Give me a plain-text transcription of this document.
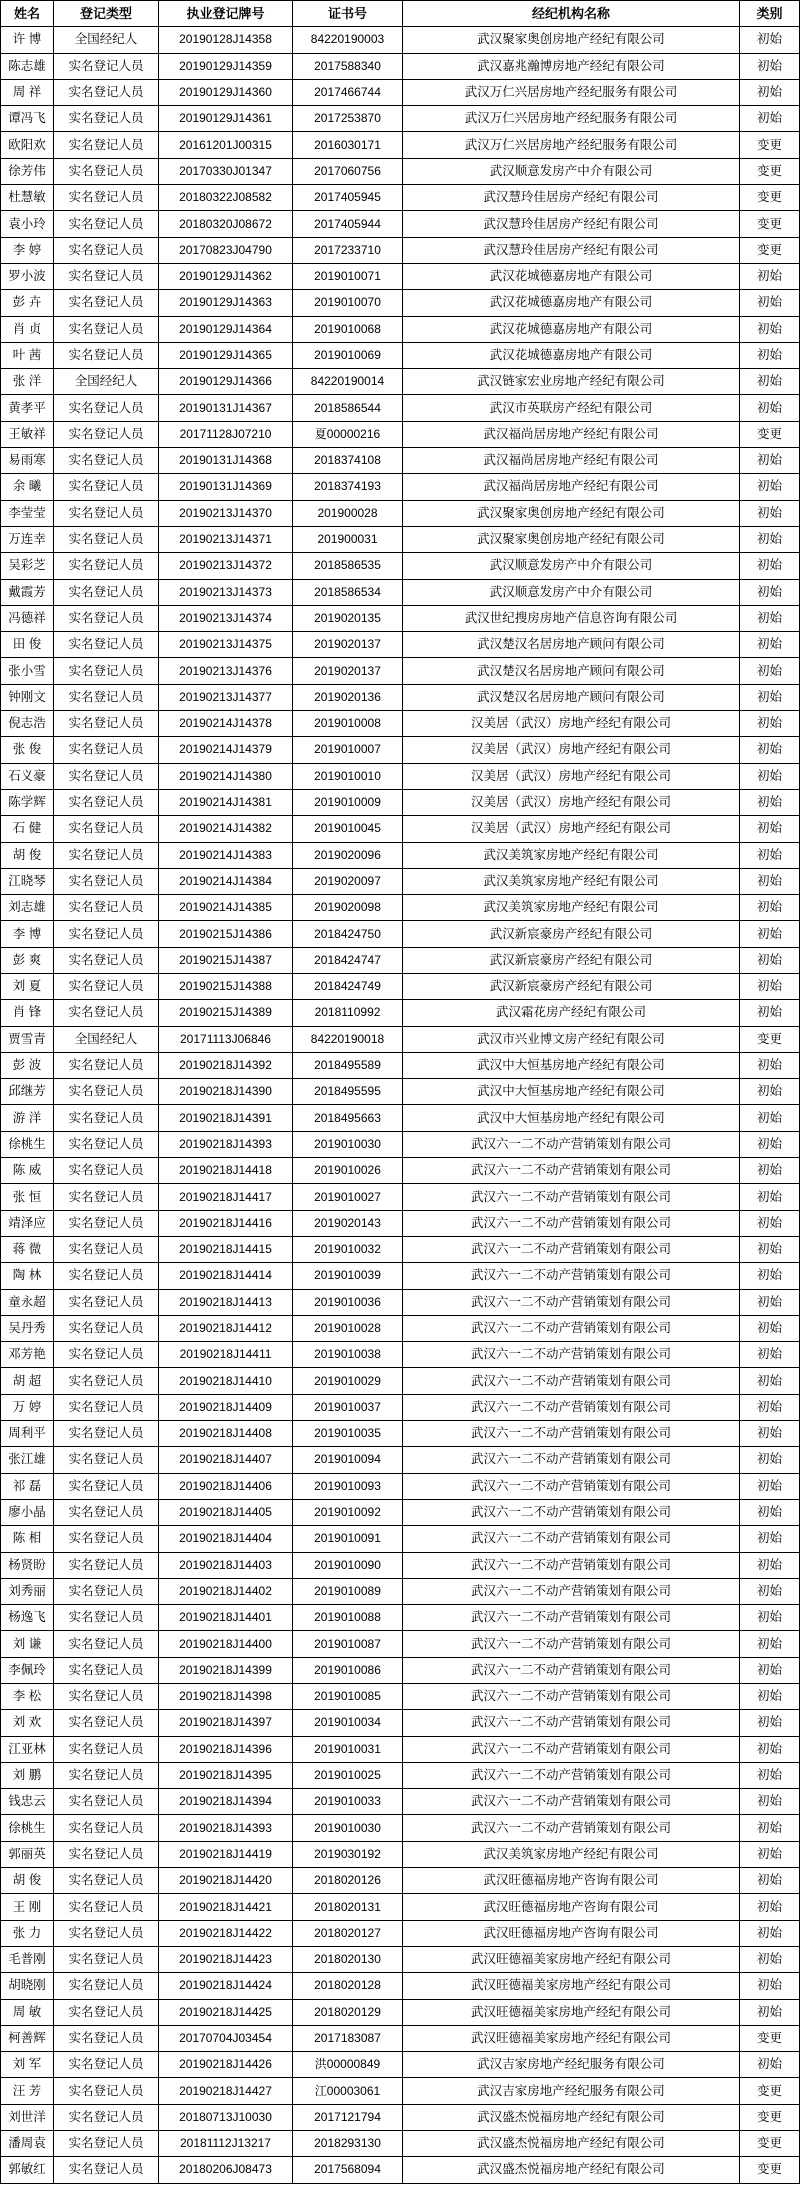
姓名	登记类型	执业登记牌号	证书号	经纪机构名称	类别
许 博	全国经纪人	20190128J14358	84220190003	武汉聚家奥创房地产经纪有限公司	初始
陈志雄	实名登记人员	20190129J14359	2017588340	武汉嘉兆瀚博房地产经纪有限公司	初始
周 祥	实名登记人员	20190129J14360	2017466744	武汉万仁兴居房地产经纪服务有限公司	初始
谭冯飞	实名登记人员	20190129J14361	2017253870	武汉万仁兴居房地产经纪服务有限公司	初始
欧阳欢	实名登记人员	20161201J00315	2016030171	武汉万仁兴居房地产经纪服务有限公司	变更
徐芳伟	实名登记人员	20170330J01347	2017060756	武汉顺意发房产中介有限公司	变更
杜慧敏	实名登记人员	20180322J08582	2017405945	武汉慧玲佳居房产经纪有限公司	变更
袁小玲	实名登记人员	20180320J08672	2017405944	武汉慧玲佳居房产经纪有限公司	变更
李 婷	实名登记人员	20170823J04790	2017233710	武汉慧玲佳居房产经纪有限公司	变更
罗小波	实名登记人员	20190129J14362	2019010071	武汉花城德嘉房地产有限公司	初始
彭 卉	实名登记人员	20190129J14363	2019010070	武汉花城德嘉房地产有限公司	初始
肖 贞	实名登记人员	20190129J14364	2019010068	武汉花城德嘉房地产有限公司	初始
叶 茜	实名登记人员	20190129J14365	2019010069	武汉花城德嘉房地产有限公司	初始
张 洋	全国经纪人	20190129J14366	84220190014	武汉链家宏业房地产经纪有限公司	初始
黄孝平	实名登记人员	20190131J14367	2018586544	武汉市英联房产经纪有限公司	初始
王敏祥	实名登记人员	20171128J07210	夏00000216	武汉福尚居房地产经纪有限公司	变更
易雨寒	实名登记人员	20190131J14368	2018374108	武汉福尚居房地产经纪有限公司	初始
余 曦	实名登记人员	20190131J14369	2018374193	武汉福尚居房地产经纪有限公司	初始
李莹莹	实名登记人员	20190213J14370	201900028	武汉聚家奥创房地产经纪有限公司	初始
万连幸	实名登记人员	20190213J14371	201900031	武汉聚家奥创房地产经纪有限公司	初始
吴彩芝	实名登记人员	20190213J14372	2018586535	武汉顺意发房产中介有限公司	初始
戴霞芳	实名登记人员	20190213J14373	2018586534	武汉顺意发房产中介有限公司	初始
冯德祥	实名登记人员	20190213J14374	2019020135	武汉世纪搜房房地产信息咨询有限公司	初始
田 俊	实名登记人员	20190213J14375	2019020137	武汉楚汉名居房地产顾问有限公司	初始
张小雪	实名登记人员	20190213J14376	2019020137	武汉楚汉名居房地产顾问有限公司	初始
钟刚文	实名登记人员	20190213J14377	2019020136	武汉楚汉名居房地产顾问有限公司	初始
倪志浩	实名登记人员	20190214J14378	2019010008	汉美居（武汉）房地产经纪有限公司	初始
张 俊	实名登记人员	20190214J14379	2019010007	汉美居（武汉）房地产经纪有限公司	初始
石义豪	实名登记人员	20190214J14380	2019010010	汉美居（武汉）房地产经纪有限公司	初始
陈学辉	实名登记人员	20190214J14381	2019010009	汉美居（武汉）房地产经纪有限公司	初始
石 健	实名登记人员	20190214J14382	2019010045	汉美居（武汉）房地产经纪有限公司	初始
胡 俊	实名登记人员	20190214J14383	2019020096	武汉美筑家房地产经纪有限公司	初始
江晓琴	实名登记人员	20190214J14384	2019020097	武汉美筑家房地产经纪有限公司	初始
刘志雄	实名登记人员	20190214J14385	2019020098	武汉美筑家房地产经纪有限公司	初始
李 博	实名登记人员	20190215J14386	2018424750	武汉新宸豪房产经纪有限公司	初始
彭 爽	实名登记人员	20190215J14387	2018424747	武汉新宸豪房产经纪有限公司	初始
刘 夏	实名登记人员	20190215J14388	2018424749	武汉新宸豪房产经纪有限公司	初始
肖 锋	实名登记人员	20190215J14389	2018110992	武汉霜花房产经纪有限公司	初始
贾雪青	全国经纪人	20171113J06846	84220190018	武汉市兴业博文房产经纪有限公司	变更
彭 波	实名登记人员	20190218J14392	2018495589	武汉中大恒基房地产经纪有限公司	初始
邱继芳	实名登记人员	20190218J14390	2018495595	武汉中大恒基房地产经纪有限公司	初始
游 洋	实名登记人员	20190218J14391	2018495663	武汉中大恒基房地产经纪有限公司	初始
徐桃生	实名登记人员	20190218J14393	2019010030	武汉六一二不动产营销策划有限公司	初始
陈 威	实名登记人员	20190218J14418	2019010026	武汉六一二不动产营销策划有限公司	初始
张 恒	实名登记人员	20190218J14417	2019010027	武汉六一二不动产营销策划有限公司	初始
靖泽应	实名登记人员	20190218J14416	2019020143	武汉六一二不动产营销策划有限公司	初始
蒋 微	实名登记人员	20190218J14415	2019010032	武汉六一二不动产营销策划有限公司	初始
陶 林	实名登记人员	20190218J14414	2019010039	武汉六一二不动产营销策划有限公司	初始
童永超	实名登记人员	20190218J14413	2019010036	武汉六一二不动产营销策划有限公司	初始
吴丹秀	实名登记人员	20190218J14412	2019010028	武汉六一二不动产营销策划有限公司	初始
邓芳艳	实名登记人员	20190218J14411	2019010038	武汉六一二不动产营销策划有限公司	初始
胡 超	实名登记人员	20190218J14410	2019010029	武汉六一二不动产营销策划有限公司	初始
万 婷	实名登记人员	20190218J14409	2019010037	武汉六一二不动产营销策划有限公司	初始
周利平	实名登记人员	20190218J14408	2019010035	武汉六一二不动产营销策划有限公司	初始
张江雄	实名登记人员	20190218J14407	2019010094	武汉六一二不动产营销策划有限公司	初始
祁 磊	实名登记人员	20190218J14406	2019010093	武汉六一二不动产营销策划有限公司	初始
廖小晶	实名登记人员	20190218J14405	2019010092	武汉六一二不动产营销策划有限公司	初始
陈 相	实名登记人员	20190218J14404	2019010091	武汉六一二不动产营销策划有限公司	初始
杨贤盼	实名登记人员	20190218J14403	2019010090	武汉六一二不动产营销策划有限公司	初始
刘秀丽	实名登记人员	20190218J14402	2019010089	武汉六一二不动产营销策划有限公司	初始
杨逸飞	实名登记人员	20190218J14401	2019010088	武汉六一二不动产营销策划有限公司	初始
刘 谦	实名登记人员	20190218J14400	2019010087	武汉六一二不动产营销策划有限公司	初始
李佩玲	实名登记人员	20190218J14399	2019010086	武汉六一二不动产营销策划有限公司	初始
李 松	实名登记人员	20190218J14398	2019010085	武汉六一二不动产营销策划有限公司	初始
刘 欢	实名登记人员	20190218J14397	2019010034	武汉六一二不动产营销策划有限公司	初始
江亚林	实名登记人员	20190218J14396	2019010031	武汉六一二不动产营销策划有限公司	初始
刘 鹏	实名登记人员	20190218J14395	2019010025	武汉六一二不动产营销策划有限公司	初始
钱忠云	实名登记人员	20190218J14394	2019010033	武汉六一二不动产营销策划有限公司	初始
徐桃生	实名登记人员	20190218J14393	2019010030	武汉六一二不动产营销策划有限公司	初始
郭丽英	实名登记人员	20190218J14419	2019030192	武汉美筑家房地产经纪有限公司	初始
胡 俊	实名登记人员	20190218J14420	2018020126	武汉旺德福房地产咨询有限公司	初始
王 刚	实名登记人员	20190218J14421	2018020131	武汉旺德福房地产咨询有限公司	初始
张 力	实名登记人员	20190218J14422	2018020127	武汉旺德福房地产咨询有限公司	初始
毛普刚	实名登记人员	20190218J14423	2018020130	武汉旺德福美家房地产经纪有限公司	初始
胡晓刚	实名登记人员	20190218J14424	2018020128	武汉旺德福美家房地产经纪有限公司	初始
周 敏	实名登记人员	20190218J14425	2018020129	武汉旺德福美家房地产经纪有限公司	初始
柯善辉	实名登记人员	20170704J03454	2017183087	武汉旺德福美家房地产经纪有限公司	变更
刘 军	实名登记人员	20190218J14426	洪00000849	武汉吉家房地产经纪服务有限公司	初始
汪 芳	实名登记人员	20190218J14427	江00003061	武汉吉家房地产经纪服务有限公司	变更
刘世洋	实名登记人员	20180713J10030	2017121794	武汉盛杰悦福房地产经纪有限公司	变更
潘周袁	实名登记人员	20181112J13217	2018293130	武汉盛杰悦福房地产经纪有限公司	变更
郭敏红	实名登记人员	20180206J08473	2017568094	武汉盛杰悦福房地产经纪有限公司	变更
